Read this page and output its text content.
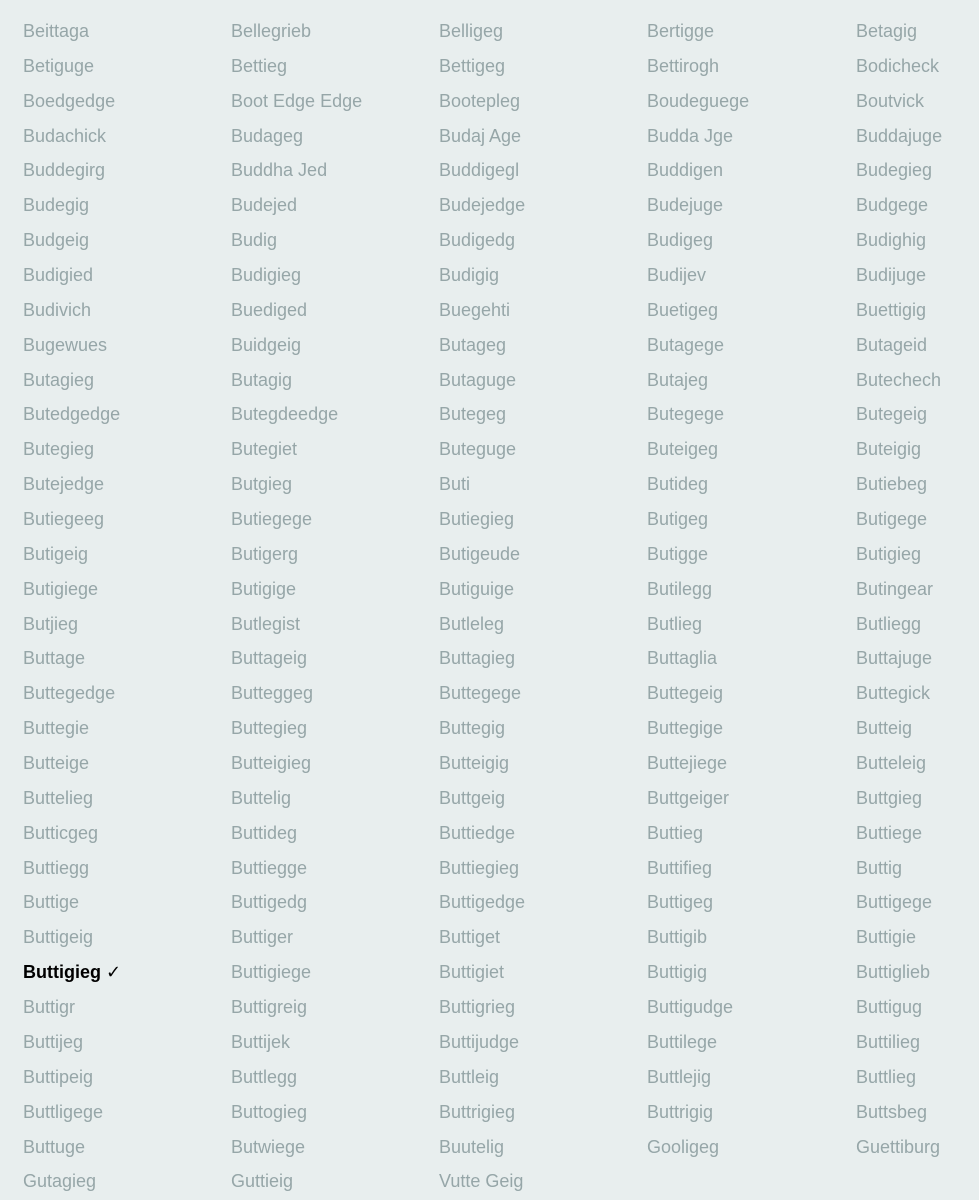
Beittaga
Betiguge
Boedgedge
Budachick
Buddegirg
Budegig
Budgeig
Budigied
Budivich
Bugewues
Butagieg
Butedgedge
Butegieg
Butejedge
Butiegeeg
Butigeig
Butigiege
Butjieg
Buttage
Buttegedge
Buttegie
Butteige
Buttelieg
Butticgeg
Buttiegg
Buttige
Buttigeig
Buttigieg ✓
Buttigr
Buttijeg
Buttipeig
Buttligege
Buttuge
Gutagieg
Bellegrieb
Bettieg
Boot Edge Edge
Budageg
Buddha Jed
Budejed
Budig
Budigieg
Buediged
Buidgeig
Butagig
Butegdeedge
Butegiet
Butgieg
Butiegege
Butigerg
Butigige
Butlegist
Buttageig
Butteggeg
Buttegieg
Butteigieg
Buttelig
Buttideg
Buttiegge
Buttigedg
Buttiger
Buttigiege
Buttigreig
Buttijek
Buttlegg
Buttogieg
Butwiege
Guttieig
Belligeg
Bettigeg
Bootepleg
Budaj Age
Buddigegl
Budejedge
Budigedg
Budigig
Buegehti
Butageg
Butaguge
Butegeg
Buteguge
Buti
Butiegieg
Butigeude
Butiguige
Butleleg
Buttagieg
Buttegege
Buttegig
Butteigig
Buttgeig
Buttiedge
Buttiegieg
Buttigedge
Buttiget
Buttigiet
Buttigrieg
Buttijudge
Buttleig
Buttrigieg
Buutelig
Vutte Geig
Bertigge
Bettirogh
Boudeguege
Budda Jge
Buddigen
Budejuge
Budigeg
Budijev
Buetigeg
Butagege
Butajeg
Butegege
Buteigeg
Butideg
Butigeg
Butigge
Butilegg
Butlieg
Buttaglia
Buttegeig
Buttegige
Buttejiege
Buttgeiger
Buttieg
Buttifieg
Buttigeg
Buttigib
Buttigig
Buttigudge
Buttilege
Buttlejig
Buttrigig
Gooligeg
Betagig
Bodicheck
Boutvick
Buddajuge
Budegieg
Budgege
Budighig
Budijuge
Buettigig
Butageid
Butechech
Butegeig
Buteigig
Butiebeg
Butigege
Butigieg
Butingear
Butliegg
Buttajuge
Buttegick
Butteig
Butteleig
Buttgieg
Buttiege
Buttig
Buttigege
Buttigie
Buttiglieb
Buttigug
Buttilieg
Buttlieg
Buttsbeg
Guettiburg
